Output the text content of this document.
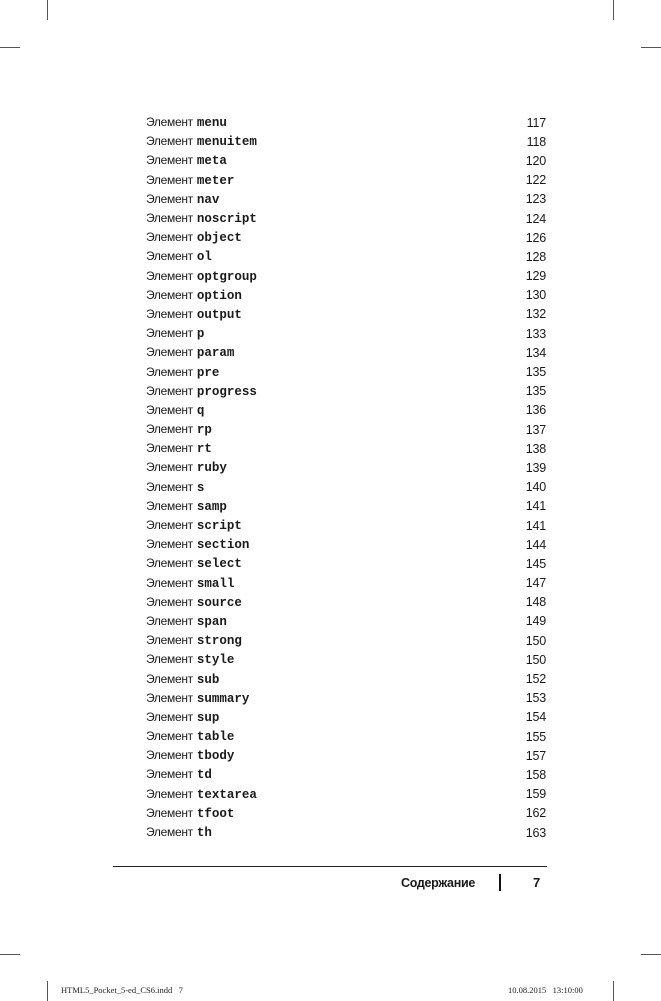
Элемент menu	117
Элемент menuitem	118
Элемент meta	120
Элемент meter	122
Элемент nav	123
Элемент noscript	124
Элемент object	126
Элемент ol	128
Элемент optgroup	129
Элемент option	130
Элемент output	132
Элемент p	133
Элемент param	134
Элемент pre	135
Элемент progress	135
Элемент q	136
Элемент rp	137
Элемент rt	138
Элемент ruby	139
Элемент s	140
Элемент samp	141
Элемент script	141
Элемент section	144
Элемент select	145
Элемент small	147
Элемент source	148
Элемент span	149
Элемент strong	150
Элемент style	150
Элемент sub	152
Элемент summary	153
Элемент sup	154
Элемент table	155
Элемент tbody	157
Элемент td	158
Элемент textarea	159
Элемент tfoot	162
Элемент th	163
Содержание	7
HTML5_Pocket_5-ed_CS6.indd   7	10.08.2015   13:10:00
